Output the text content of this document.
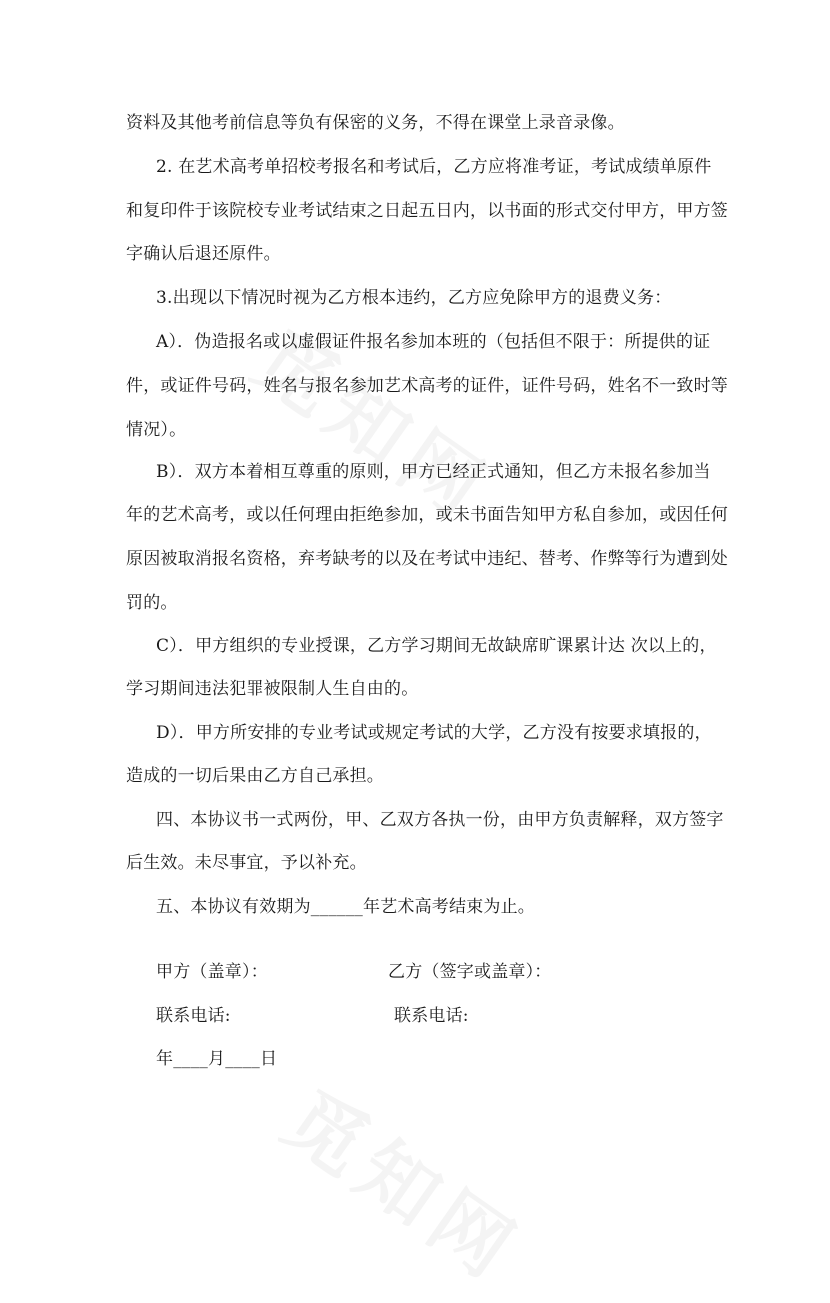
资料及其他考前信息等负有保密的义务，不得在课堂上录音录像。
2. 在艺术高考单招校考报名和考试后，乙方应将准考证，考试成绩单原件
和复印件于该院校专业考试结束之日起五日内，以书面的形式交付甲方，甲方签
字确认后退还原件。
3.出现以下情况时视为乙方根本违约，乙方应免除甲方的退费义务：
A）．伪造报名或以虚假证件报名参加本班的（包括但不限于：所提供的证
件，或证件号码，姓名与报名参加艺术高考的证件，证件号码，姓名不一致时等
情况）。
B）．双方本着相互尊重的原则，甲方已经正式通知，但乙方未报名参加当
年的艺术高考，或以任何理由拒绝参加，或未书面告知甲方私自参加，或因任何
原因被取消报名资格，弃考缺考的以及在考试中违纪、替考、作弊等行为遭到处
罚的。
C）．甲方组织的专业授课，乙方学习期间无故缺席旷课累计达 次以上的，
学习期间违法犯罪被限制人生自由的。
D）．甲方所安排的专业考试或规定考试的大学，乙方没有按要求填报的，
造成的一切后果由乙方自己承担。
四、本协议书一式两份，甲、乙双方各执一份，由甲方负责解释，双方签字
后生效。未尽事宜，予以补充。
五、本协议有效期为______年艺术高考结束为止。
甲方（盖章）：	乙方（签字或盖章）：
联系电话:	联系电话:
年____月____日
